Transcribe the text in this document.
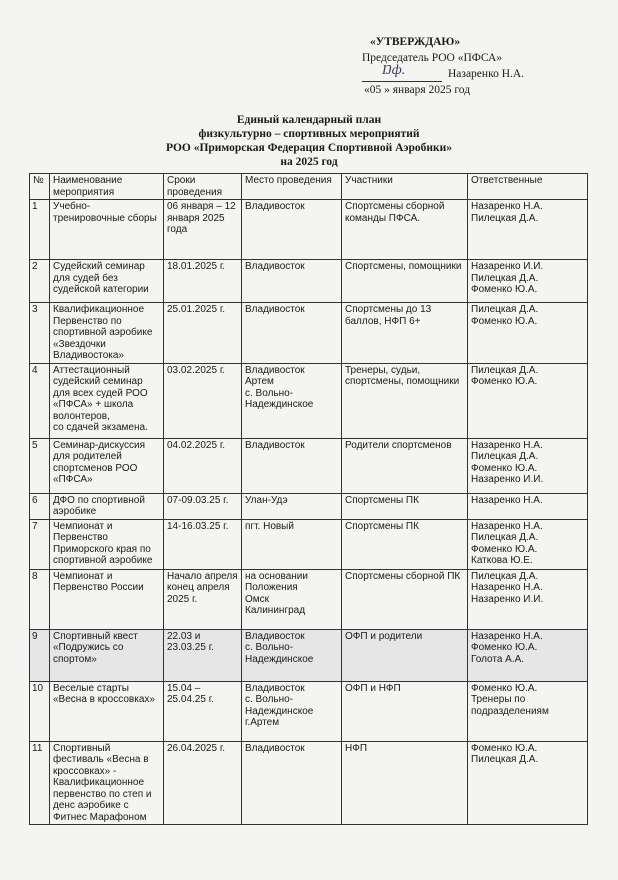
«УТВЕРЖДАЮ»
Председатель РОО «ПФСА»
Ŋф.	Назаренко Н.А.
«05 » января 2025 год
Единый календарный план
физкультурно – спортивных мероприятий
РОО «Приморская Федерация Спортивной Аэробики»
на 2025 год
№	Наименование мероприятия	Сроки проведения	Место проведения	Участники	Ответственные
1	Учебно-тренировочные сборы	06 января – 12 января 2025 года	Владивосток	Спортсмены сборной команды ПФСА.	Назаренко Н.А.
Пилецкая Д.А.
2	Судейский семинар для судей без судейской категории	18.01.2025 г.	Владивосток	Спортсмены, помощники	Назаренко И.И.
Пилецкая Д.А.
Фоменко Ю.А.
3	Квалификационное Первенство по спортивной аэробике «Звездочки Владивостока»	25.01.2025 г.	Владивосток	Спортсмены до 13 баллов, НФП 6+	Пилецкая Д.А.
Фоменко Ю.А.
4	Аттестационный судейский семинар для всех судей РОО «ПФСА» + школа волонтеров,
со сдачей экзамена.	03.02.2025 г.	Владивосток
Артем
с. Вольно-Надеждинское	Тренеры, судьи, спортсмены, помощники	Пилецкая Д.А.
Фоменко Ю.А.
5	Семинар-дискуссия для родителей спортсменов РОО «ПФСА»	04.02.2025 г.	Владивосток	Родители спортсменов	Назаренко Н.А.
Пилецкая Д.А.
Фоменко Ю.А.
Назаренко И.И.
6	ДФО по спортивной аэробике	07-09.03.25 г.	Улан-Удэ	Спортсмены ПК	Назаренко Н.А.
7	Чемпионат и Первенство Приморского края по спортивной аэробике	14-16.03.25 г.	пгт. Новый	Спортсмены ПК	Назаренко Н.А.
Пилецкая Д.А.
Фоменко Ю.А.
Каткова Ю.Е.
8	Чемпионат и Первенство России	Начало апреля конец апреля 2025 г.	на основании Положения
Омск
Калининград	Спортсмены сборной ПК	Пилецкая Д.А.
Назаренко Н.А.
Назаренко И.И.
9	Спортивный квест «Подружись со спортом»	22.03 и 23.03.25 г.	Владивосток
с. Вольно-Надеждинское	ОФП и родители	Назаренко Н.А.
Фоменко Ю.А.
Голота А.А.
10	Веселые старты «Весна в кроссовках»	15.04 – 25.04.25 г.	Владивосток
с. Вольно-Надеждинское
г.Артем	ОФП и НФП	Фоменко Ю.А.
Тренеры по подразделениям
11	Спортивный фестиваль «Весна в кроссовках» - Квалификационное первенство по степ и денс аэробике с Фитнес Марафоном	26.04.2025 г.	Владивосток	НФП	Фоменко Ю.А.
Пилецкая Д.А.
